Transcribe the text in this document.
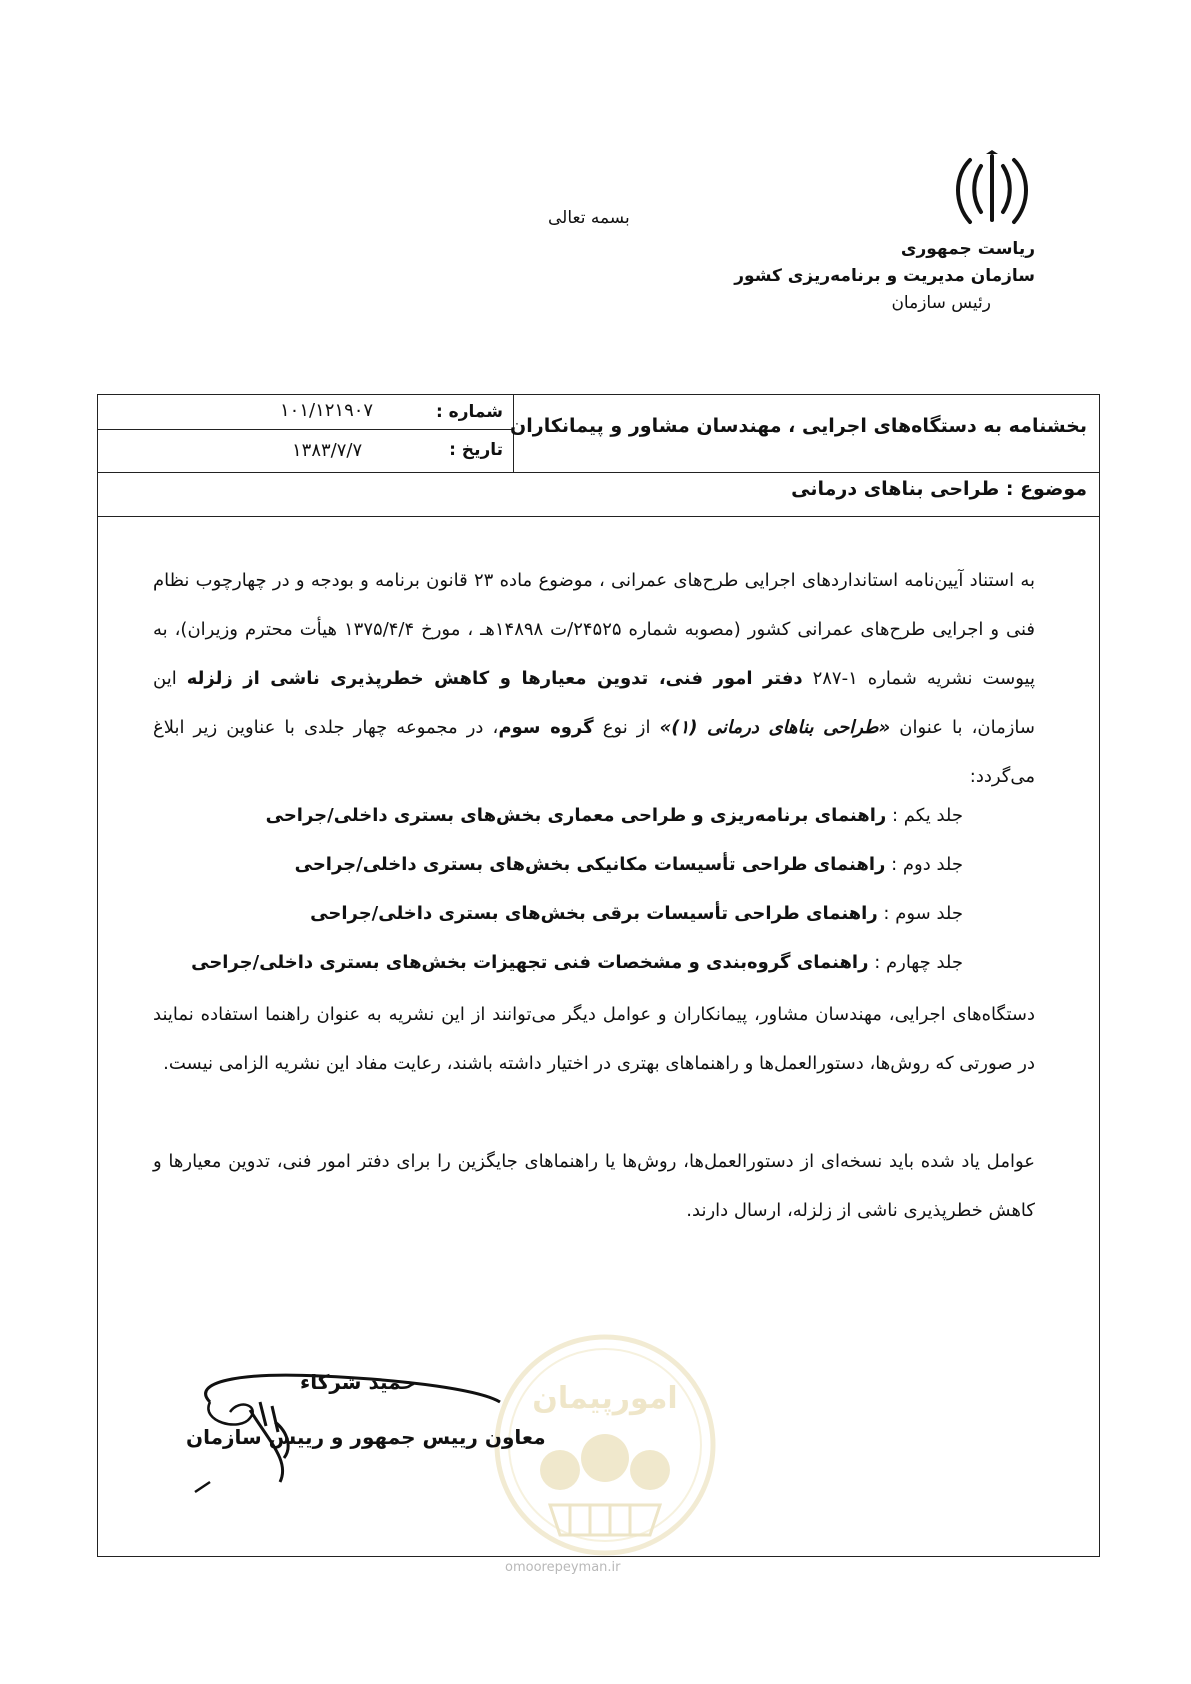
ریاست جمهوری
سازمان مدیریت و برنامه‌ریزی کشور
رئیس سازمان
بسمه تعالی
شماره :
۱۰۱/۱۲۱۹۰۷
تاریخ :
۱۳۸۳/۷/۷
بخشنامه به دستگاه‌های اجرایی ، مهندسان مشاور و پیمانکاران
موضوع : طراحی بناهای درمانی
به استناد آیین‌نامه استانداردهای اجرایی طرح‌های عمرانی ، موضوع ماده ۲۳ قانون برنامه و بودجه و در چهارچوب نظام فنی و اجرایی طرح‌های عمرانی کشور (مصوبه شماره ۲۴۵۲۵/ت ۱۴۸۹۸هـ ، مورخ ۱۳۷۵/۴/۴ هیأت محترم وزیران)، به پیوست نشریه شماره ۱-۲۸۷ دفتر امور فنی، تدوین معیارها و کاهش خطرپذیری ناشی از زلزله این سازمان، با عنوان «طراحی بناهای درمانی (۱)» از نوع گروه سوم، در مجموعه چهار جلدی با عناوین زیر ابلاغ می‌گردد:
جلد یکم : راهنمای برنامه‌ریزی و طراحی معماری بخش‌های بستری داخلی/جراحی
جلد دوم : راهنمای طراحی تأسیسات مکانیکی بخش‌های بستری داخلی/جراحی
جلد سوم : راهنمای طراحی تأسیسات برقی بخش‌های بستری داخلی/جراحی
جلد چهارم : راهنمای گروه‌بندی و مشخصات فنی تجهیزات بخش‌های بستری داخلی/جراحی
دستگاه‌های اجرایی، مهندسان مشاور، پیمانکاران و عوامل دیگر می‌توانند از این نشریه به عنوان راهنما استفاده نمایند در صورتی که روش‌ها، دستورالعمل‌ها و راهنماهای بهتری در اختیار داشته باشند، رعایت مفاد این نشریه الزامی نیست.
عوامل یاد شده باید نسخه‌ای از دستورالعمل‌ها، روش‌ها یا راهنماهای جایگزین را برای دفتر امور فنی، تدوین معیارها و کاهش خطرپذیری ناشی از زلزله، ارسال دارند.
امورپیمان
حمید شرکاء
معاون رییس جمهور و رییس سازمان
omoorepeyman.ir
